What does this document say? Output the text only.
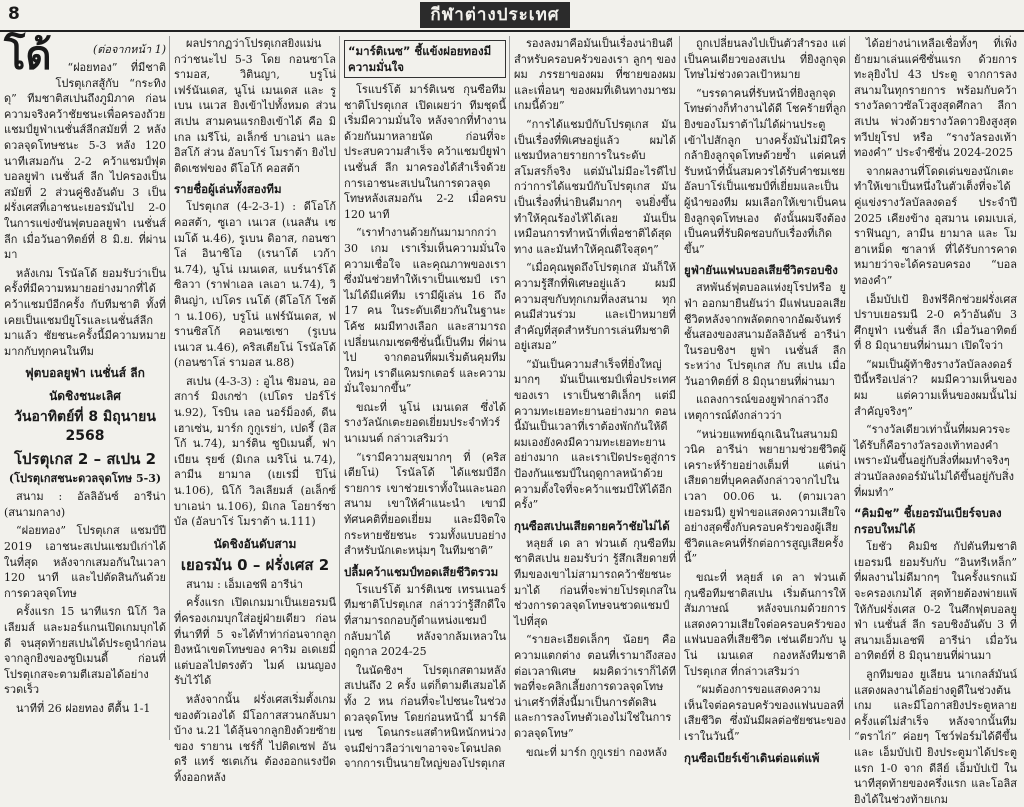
8	กีฬาต่างประเทศ
โด้	(ต่อจากหน้า 1)

“ฝอยทอง” ที่มีชาติโปรตุเกสสู้กับ “กระทิงดุ” ทีมชาติสเปนถึงภูมิภาค ก่อนความจริงคว้าชัยชนะเพื่อครองถ้วยแชมป์ยูฟ่าเนชั่นส์ลีกสมัยที่ 2 หลังดวลจุดโทษชนะ 5-3 หลัง 120 นาทีเสมอกัน 2-2 คว้าแชมป์ฟุตบอลยูฟ่า เนชั่นส์ ลีก ไปครองเป็นสมัยที่ 2 ส่วนคู่ชิงอันดับ 3 เป็นฝรั่งเศสที่เอาชนะเยอรมันไป 2-0 ในการแข่งขันฟุตบอลยูฟ่า เนชั่นส์ ลีก เมื่อวันอาทิตย์ที่ 8 มิ.ย. ที่ผ่านมา

หลังเกม โรนัลโด้ ยอมรับว่าเป็นครั้งที่มีความหมายอย่างมากที่ได้คว้าแชมป์อีกครั้ง กับทีมชาติ ทั้งที่เคยเป็นแชมป์ยูโรและเนชั่นส์ลีกมาแล้ว ชัยชนะครั้งนี้มีความหมายมากกับทุกคนในทีม

ฟุตบอลยูฟ่า เนชั่นส์ ลีก
นัดชิงชนะเลิศ
วันอาทิตย์ที่ 8 มิถุนายน 2568
โปรตุเกส 2 – สเปน 2
(โปรตุเกสชนะดวลจุดโทษ 5-3)

สนาม : อัลลิอันซ์ อารีน่า (สนามกลาง)

“ฝอยทอง” โปรตุเกส แชมป์ปี 2019 เอาชนะสเปนแชมป์เก่าได้ในที่สุด หลังจากเสมอกันในเวลา 120 นาที และไปตัดสินกันด้วยการดวลจุดโทษ

ครั้งแรก 15 นาทีแรก นิโก้ วิลเลียมส์ และมอร์แกนเปิดเกมบุกได้ดี จนสุดท้ายสเปนได้ประตูนำก่อนจากลูกยิงของซูบิเมนดี้ ก่อนที่โปรตุเกสจะตามตีเสมอได้อย่างรวดเร็ว

นาทีที่ 26 ฝอยทอง ตีตื้น 1-1

ผลปรากฏว่าโปรตุเกสยิงแม่นกว่าชนะไป 5-3 โดย กอนซาโล รามอส, วิตินญา, บรูโน่ เฟร์นันเดส, นูโน่ เมนเดส และ รูเบน เนเวส ยิงเข้าไปทั้งหมด ส่วนสเปน สามคนแรกยิงเข้าได้ คือ มิเกล เมรีโน่, อเล็กซ์ บาเอน่า และ อิสโก้ ส่วน อัลบาโร่ โมราต้า ยิงไปติดเซฟของ ดีโอโก้ คอสต้า

รายชื่อผู้เล่นทั้งสองทีม

โปรตุเกส (4-2-3-1) : ดีโอโก้ คอสต้า, ซูเอา เนเวส (เนลสัน เซเมโด้ น.46), รูเบน ดิอาส, กอนซาโล่ อินาซิโอ (เรนาโต้ เวก้า น.74), นูโน่ เมนเดส, แบร์นาร์โด้ ซิลวา (ราฟาเอล เลเอา น.74), วิตินญ่า, เปโดร เนโต้ (ดีโอโก้ โชต้า น.106), บรูโน่ แฟร์นันเดส, ฟรานซิสโก้ คอนเซเซา (รูเบน เนเวส น.46), คริสเตียโน่ โรนัลโด้ (กอนซาโล่ รามอส น.88)

สเปน (4-3-3) : อูไน ซิมอน, ออสการ์ มิงเกซ่า (เปโดร ปอร์โร่ น.92), โรบิน เลอ นอร์ม็องด์, ดีน เฮาเซ่น, มาร์ก กูกูเรย่า, เปดรี้ (อิสโก้ น.74), มาร์ติน ซูบิเมนดี้, ฟาเบียน รุยซ์ (มิเกล เมริโน่ น.74), ลามีน ยามาล (เยเรมี่ ปิโน่ น.106), นิโก้ วิลเลียมส์ (อเล็กซ์ บาเอน่า น.106), มิเกล โอยาร์ซาบัล (อัลบาโร่ โมราต้า น.111)

นัดชิงอันดับสาม
เยอรมัน 0 – ฝรั่งเศส 2

สนาม : เอ็มเอชพี อารีน่า

ครั้งแรก เปิดเกมมาเป็นเยอรมนีที่ครองเกมบุกใส่อยู่ฝ่ายเดียว ก่อนที่นาทีที่ 5 จะได้ทำท่าก่อนจากลูกยิงหน้าเขตโทษของ คาริม อเดเยมี่ แต่บอลไปตรงตัว ไมค์ เมนญอง รับไว้ได้

หลังจากนั้น ฝรั่งเศสเริ่มตั้งเกมของตัวเองได้ มีโอกาสสวนกลับมาบ้าง น.21 ได้ลุ้นจากลูกยิงด้วยซ้ายของ รายาน เชร์กี้ ไปติดเซฟ อันดรี แทร์ ชเตเก้น ต้องออกแรงปัดทิ้งออกหลัง

“มาร์ติเนซ” ชี้แข้งฝอยทองมีความมั่นใจ

โรแบร์โต้ มาร์ติเนซ กุนซือทีมชาติโปรตุเกส เปิดเผยว่า ทีมชุดนี้เริ่มมีความมั่นใจ หลังจากที่ทำงานด้วยกันมาหลายนัด ก่อนที่จะประสบความสำเร็จ คว้าแชมป์ยูฟ่า เนชั่นส์ ลีก มาครองได้สำเร็จด้วยการเอาชนะสเปนในการดวลจุดโทษหลังเสมอกัน 2-2 เมื่อครบ 120 นาที

“เราทำงานด้วยกันมามากกว่า 30 เกม เราเริ่มเห็นความมั่นใจ ความเชื่อใจ และคุณภาพของเรา ซึ่งมันช่วยทำให้เราเป็นแชมป์ เราไม่ได้มีแค่ทีม เรามีผู้เล่น 16 ถึง 17 คน ในระดับเดียวกันในฐานะโค้ช ผมมีทางเลือก และสามารถเปลี่ยนเกมเซตซีซั่นนี้เป็นทีม ที่ผ่านไป จากตอนที่ผมเริ่มต้นคุมทีมใหม่ๆ เราดีแคมรกเตอร์ และความมั่นใจมากขึ้น”

ขณะที่ นูโน่ เมนเดส ซึ่งได้รางวัลนักเตะยอดเยี่ยมประจำทัวร์นาเมนต์ กล่าวเสริมว่า

“เรามีความสุขมากๆ ที่ (คริสเตียโน่) โรนัลโด้ ได้แชมป์อีกรายการ เขาช่วยเราทั้งในและนอกสนาม เขาให้คำแนะนำ เขามีทัศนคติที่ยอดเยี่ยม และมีจิตใจกระหายชัยชนะ รวมทั้งแบบอย่างสำหรับนักเตะหนุ่มๆ ในทีมชาติ”

ปลื้มคว้าแชมป์ทอดเสียชีวิตรวม

โรแบร์โต้ มาร์ติเนซ เทรนเนอร์ทีมชาติโปรตุเกส กล่าวว่ารู้สึกดีใจที่สามารถกอบกู้ตำแหน่งแชมป์กลับมาได้ หลังจากล้มเหลวในฤดูกาล 2024-25

ในนัดชิงฯ โปรตุเกสตามหลังสเปนถึง 2 ครั้ง แต่ก็ตามตีเสมอได้ทั้ง 2 หน ก่อนที่จะไปชนะในช่วงดวลจุดโทษ โดยก่อนหน้านี้ มาร์ติเนซ โดนกระแสตำหนิหนักหน่วง จนมีข่าวลือว่าเขาอาจจะโดนปลดจากการเป็นนายใหญ่ของโปรตุเกส

รองลงมาคือมันเป็นเรื่องน่ายินดีสำหรับครอบครัวของเรา ลูกๆ ของผม ภรรยาของผม ที่ซายของผม และเพื่อนๆ ของผมที่เดินทางมาชมเกมนี้ด้วย”

“การได้แชมป์กับโปรตุเกส มันเป็นเรื่องที่พิเศษอยู่แล้ว ผมได้แชมป์หลายรายการในระดับสโมสรก็จริง แต่มันไม่มีอะไรดีไปกว่าการได้แชมป์กับโปรตุเกส มันเป็นเรื่องที่น่ายินดีมากๆ จนยิ่งขึ้นทำให้คุณร้องไห้ได้เลย มันเป็นเหมือนการทำหน้าที่เพื่อชาติได้สุดทาง และมันทำให้คุณดีใจสุดๆ”

“เมื่อคุณพูดถึงโปรตุเกส มันก็ให้ความรู้สึกที่พิเศษอยู่แล้ว ผมมีความสุขกับทุกเกมที่ลงสนาม ทุกคนมีส่วนร่วม และเป้าหมายที่สำคัญที่สุดสำหรับการเล่นทีมชาติอยู่เสมอ”

“มันเป็นความสำเร็จที่ยิ่งใหญ่มากๆ มันเป็นแชมป์เพื่อประเทศของเรา เราเป็นชาติเล็กๆ แต่มีความทะเยอทะยานอย่างมาก ตอนนี้มันเป็นเวลาที่เราต้องพักกันให้ดี ผมเองยังคงมีความทะเยอทะยานอย่างมาก และเราเปิดประตูสู่การป้องกันแชมป์ในฤดูกาลหน้าด้วยความตั้งใจที่จะคว้าแชมป์ให้ได้อีกครั้ง”

กุนซือสเปนเสียดายคว้าชัยไม่ได้

หลุยส์ เด ลา ฟวนเต้ กุนซือทีมชาติสเปน ยอมรับว่า รู้สึกเสียดายที่ทีมของเขาไม่สามารถคว้าชัยชนะมาได้ ก่อนที่จะพ่ายโปรตุเกสในช่วงการดวลจุดโทษจนชวดแชมป์ไปที่สุด

“รายละเอียดเล็กๆ น้อยๆ คือความแตกต่าง ตอนที่เรามาถึงสองต่อเวลาพิเศษ ผมคิดว่าเราก็ได้ทีพอที่จะคลิกเลี้ยงการดวลจุดโทษ น่าเศร้าที่สิ่งนี้มาเป็นการตัดสิน และการลงโทษตัวเองไม่ใช่ในการดวลจุดโทษ”

ขณะที่ มาร์ก กูกูเรย่า กองหลัง

ถูกเปลี่ยนลงไปเป็นตัวสำรอง แต่เป็นคนเดียวของสเปน ที่ยิงลูกจุดโทษไม่ช่วงดวลเป้าหมาย

“บรรดาคนที่รับหน้าที่ยิงลูกจุดโทษต่างก็ทำงานได้ดี โชคร้ายที่ลูกยิงของโมราต้าไม่ได้ผ่านประตูเข้าไปสักลูก บางครั้งมันไม่มีใครกล้ายิงลูกจุดโทษด้วยซ้ำ แต่คนที่รับหน้าที่นั้นสมควรได้รับคำชมเชย อัลบาโร่เป็นแชมป์ที่เยี่ยมและเป็นผู้นำของทีม ผมเลือกให้เขาเป็นคนยิงลูกจุดโทษเอง ดังนั้นผมจึงต้องเป็นคนที่รับผิดชอบกับเรื่องที่เกิดขึ้น”

ยูฟ่ายันแฟนบอลเสียชีวิตรอบชิง

สหพันธ์ฟุตบอลแห่งยุโรปหรือ ยูฟ่า ออกมายืนยันว่า มีแฟนบอลเสียชีวิตหลังจากพลัดตกจากอัฒจันทร์ชั้นสองของสนามอัลลิอันซ์ อารีน่า ในรอบชิงฯ ยูฟ่า เนชั่นส์ ลีก ระหว่าง โปรตุเกส กับ สเปน เมื่อวันอาทิตย์ที่ 8 มิถุนายนที่ผ่านมา

แถลงการณ์ของยูฟ่ากล่าวถึงเหตุการณ์ดังกล่าวว่า

“หน่วยแพทย์ฉุกเฉินในสนามมิวนิค อารีน่า พยายามช่วยชีวิตผู้เคราะห์ร้ายอย่างเต็มที่ แต่น่าเสียดายที่บุคคลดังกล่าวจากไปในเวลา 00.06 น. (ตามเวลาเยอรมนี) ยูฟ่าขอแสดงความเสียใจอย่างสุดซึ้งกับครอบครัวของผู้เสียชีวิตและคนที่รักต่อการสูญเสียครั้งนี้”

ขณะที่ หลุยส์ เด ลา ฟวนเต้ กุนซือทีมชาติสเปน เริ่มต้นการให้สัมภาษณ์ หลังจบเกมด้วยการแสดงความเสียใจต่อครอบครัวของแฟนบอลที่เสียชีวิต เช่นเดียวกับ นูโน่ เมนเดส กองหลังทีมชาติโปรตุเกส ที่กล่าวเสริมว่า

“ผมต้องการขอแสดงความเห็นใจต่อครอบครัวของแฟนบอลที่เสียชีวิต ซึ่งมันมีผลต่อชัยชนะของเราในวันนี้”

กุนซือเบียร์เข้าเดินต่อแต่แพ้

ได้อย่างน่าเหลือเชื่อทั้งๆ ที่เพิ่งย้ายมาเล่นแค่ซีซั่นแรก ด้วยการทะลุยิงไป 43 ประตู จากการลงสนามในทุกรายการ พร้อมกับคว้ารางวัลดาวซัลโวสูงสุดศึกลา ลีกา สเปน พ่วงด้วยรางวัลดาวยิงสูงสุดทวีปยุโรป หรือ “รางวัลรองเท้าทองคำ” ประจำซีซั่น 2024-2025

จากผลงานที่โดดเด่นของนักเตะทำให้เขาเป็นหนึ่งในตัวเต็งที่จะได้คู่แข่งรางวัลบัลลงดอร์ ประจำปี 2025 เคียงข้าง อุสมาน เดมเบเล่, ราฟินญา, ลามีน ยามาล และ โมฮาเหม็ด ซาลาห์ ที่ได้รับการคาดหมายว่าจะได้ครอบครอง “บอลทองคำ”

เอ็มบัปเป้ ยิงฟรีคิกช่วยฝรั่งเศสปราบเยอรมนี 2-0 คว้าอันดับ 3 ศึกยูฟ่า เนชั่นส์ ลีก เมื่อวันอาทิตย์ที่ 8 มิถุนายนที่ผ่านมา เปิดใจว่า

“ผมเป็นผู้ท้าชิงรางวัลบัลลงดอร์ปีนี้หรือเปล่า? ผมมีความเห็นของผม แต่ความเห็นของผมนั้นไม่สำคัญจริงๆ”

“รางวัลเดียวเท่านั้นที่ผมควรจะได้รับก็คือรางวัลรองเท้าทองคำ เพราะมันขึ้นอยู่กับสิ่งที่ผมทำจริงๆ ส่วนบัลลงดอร์มันไม่ได้ขึ้นอยู่กับสิ่งที่ผมทำ”

“คิมมิช” ชี้เยอรมันเบียร์จบลงกรอบใหม่ได้

โยชัว คิมมิช กัปตันทีมชาติเยอรมนี ยอมรับกับ “อินทรีเหล็ก” ที่ผลงานไม่ดีมากๆ ในครั้งแรกแม้จะครองเกมได้ สุดท้ายต้องพ่ายแพ้ให้กับฝรั่งเศส 0-2 ในศึกฟุตบอลยูฟ่า เนชั่นส์ ลีก รอบชิงอันดับ 3 ที่สนามเอ็มเอชพี อารีน่า เมื่อวันอาทิตย์ที่ 8 มิถุนายนที่ผ่านมา

ลูกทีมของ ยูเลียน นาเกลส์มันน์ แสดงผลงานได้อย่างดูดีในช่วงต้นเกม และมีโอกาสยิงประตูหลายครั้งแต่ไม่สำเร็จ หลังจากนั้นทีม “ตราไก่” ค่อยๆ โชว์ฟอร์มได้ดีขึ้นและ เอ็มบัปเป้ ยิงประตูมาได้ประตูแรก 1-0 จาก ดีลีย์ เอ็มบัปเป้ ในนาทีสุดท้ายของครึ่งแรก และโอลิส ยิงได้ในช่วงท้ายเกม
